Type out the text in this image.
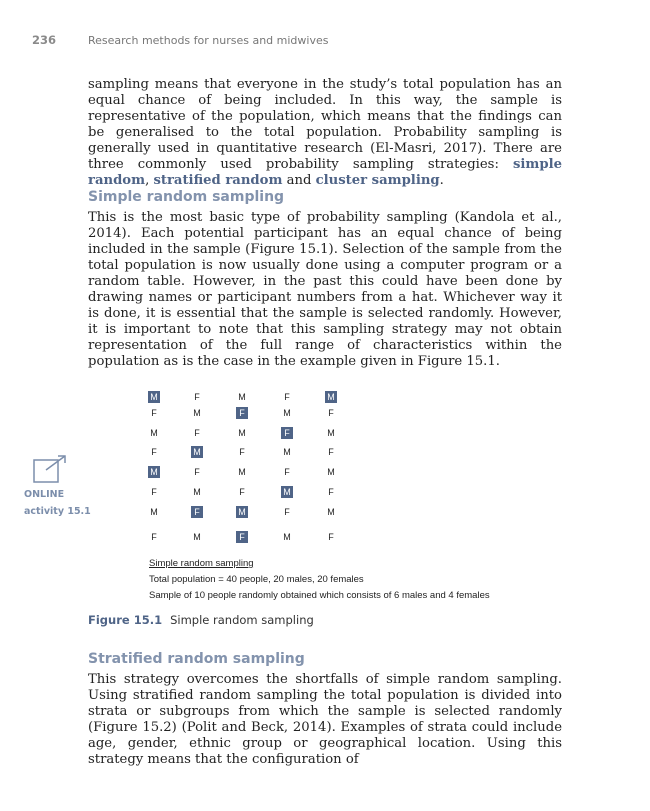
236	Research methods for nurses and midwives

sampling means that everyone in the study’s total population has an equal chance of being included. In this way, the sample is representative of the population, which means that the findings can be generalised to the total population. Probability sampling is generally used in quantitative research (El-Masri, 2017). There are three commonly used probability sampling strategies: simple random, stratified random and cluster sampling.

Simple random sampling

This is the most basic type of probability sampling (Kandola et al., 2014). Each potential participant has an equal chance of being included in the sample (Figure 15.1). Selection of the sample from the total population is now usually done using a computer program or a random table. However, in the past this could have been done by drawing names or participant numbers from a hat. Whichever way it is done, it is essential that the sample is selected randomly. However, it is important to note that this sampling strategy may not obtain representation of the full range of characteristics within the population as is the case in the example given in Figure 15.1.

ONLINE
activity 15.1
M	F	M	F	M
F	M	F	M	F
M	F	M	F	M
F	M	F	M	F
M	F	M	F	M
F	M	F	M	F
M	F	M	F	M
F	M	F	M	F
Simple random sampling
Total population = 40 people, 20 males, 20 females
Sample of 10 people randomly obtained which consists of 6 males and 4 females
Figure 15.1 Simple random sampling
Stratified random sampling

This strategy overcomes the shortfalls of simple random sampling. Using stratified random sampling the total population is divided into strata or subgroups from which the sample is selected randomly (Figure 15.2) (Polit and Beck, 2014). Examples of strata could include age, gender, ethnic group or geographical location. Using this strategy means that the configuration of
